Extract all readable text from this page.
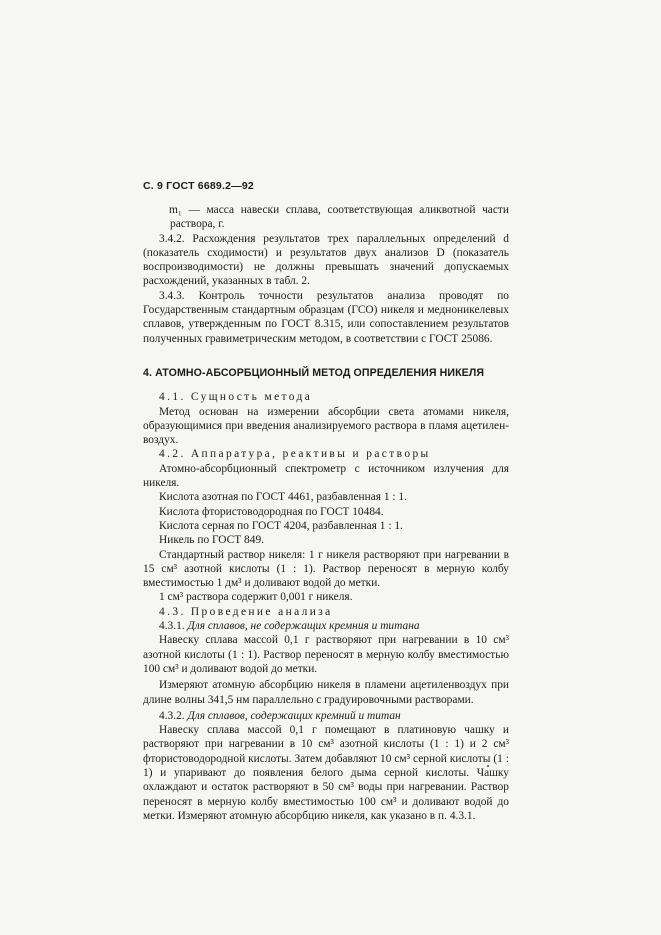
С. 9 ГОСТ 6689.2—92

m₁ — масса навески сплава, соответствующая аликвотной части раствора, г.

3.4.2. Расхождения результатов трех параллельных определений d (показатель сходимости) и результатов двух анализов D (показатель воспроизводимости) не должны превышать значений допускаемых расхождений, указанных в табл. 2.

3.4.3. Контроль точности результатов анализа проводят по Государственным стандартным образцам (ГСО) никеля и медноникелевых сплавов, утвержденным по ГОСТ 8.315, или сопоставлением результатов полученных гравиметрическим методом, в соответствии с ГОСТ 25086.

4. АТОМНО-АБСОРБЦИОННЫЙ МЕТОД ОПРЕДЕЛЕНИЯ НИКЕЛЯ

4.1. Сущность метода

Метод основан на измерении абсорбции света атомами никеля, образующимися при введения анализируемого раствора в пламя ацетилен-воздух.

4.2. Аппаратура, реактивы и растворы

Атомно-абсорбционный спектрометр с источником излучения для никеля.

Кислота азотная по ГОСТ 4461, разбавленная 1 : 1.

Кислота фтористоводородная по ГОСТ 10484.

Кислота серная по ГОСТ 4204, разбавленная 1 : 1.

Никель по ГОСТ 849.

Стандартный раствор никеля: 1 г никеля растворяют при нагревании в 15 см³ азотной кислоты (1 : 1). Раствор переносят в мерную колбу вместимостью 1 дм³ и доливают водой до метки.

1 см³ раствора содержит 0,001 г никеля.

4.3. Проведение анализа

4.3.1. Для сплавов, не содержащих кремния и титана

Навеску сплава массой 0,1 г растворяют при нагревании в 10 см³ азотной кислоты (1 : 1). Раствор переносят в мерную колбу вместимостью 100 см³ и доливают водой до метки.

Измеряют атомную абсорбцию никеля в пламени ацетиленвоздух при длине волны 341,5 нм параллельно с градуировочными растворами.

4.3.2. Для сплавов, содержащих кремний и титан

Навеску сплава массой 0,1 г помещают в платиновую чашку и растворяют при нагревании в 10 см³ азотной кислоты (1 : 1) и 2 см³ фтористоводородной кислоты. Затем добавляют 10 см³ серной кислоты (1 : 1) и упаривают до появления белого дыма серной кислоты. Чашку охлаждают и остаток растворяют в 50 см³ воды при нагревании. Раствор переносят в мерную колбу вместимостью 100 см³ и доливают водой до метки. Измеряют атомную абсорбцию никеля, как указано в п. 4.3.1.
